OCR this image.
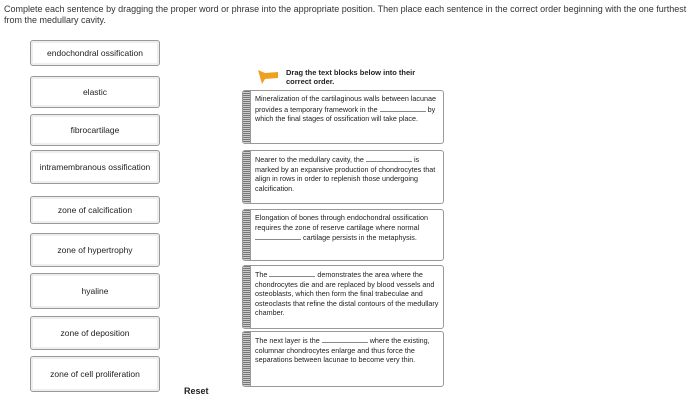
Complete each sentence by dragging the proper word or phrase into the appropriate position. Then place each sentence in the correct order beginning with the one furthest from the medullary cavity.
endochondral ossification
elastic
fibrocartilage
intramembranous ossification
zone of calcification
zone of hypertrophy
hyaline
zone of deposition
zone of cell proliferation
Reset
Drag the text blocks below into their correct order.
Mineralization of the cartilaginous walls between lacunae provides a temporary framework in the	by which the final stages of ossification will take place.
Nearer to the medullary cavity, the	is marked by an expansive production of chondrocytes that align in rows in order to replenish those undergoing calcification.
Elongation of bones through endochondral ossification requires the zone of reserve cartilage where normal  cartilage persists in the metaphysis.
The	demonstrates the area where the chondrocytes die and are replaced by blood vessels and osteoblasts, which then form the final trabeculae and osteoclasts that refine the distal contours of the medullary chamber.
The next layer is the	where the existing, columnar chondrocytes enlarge and thus force the separations between lacunae to become very thin.
